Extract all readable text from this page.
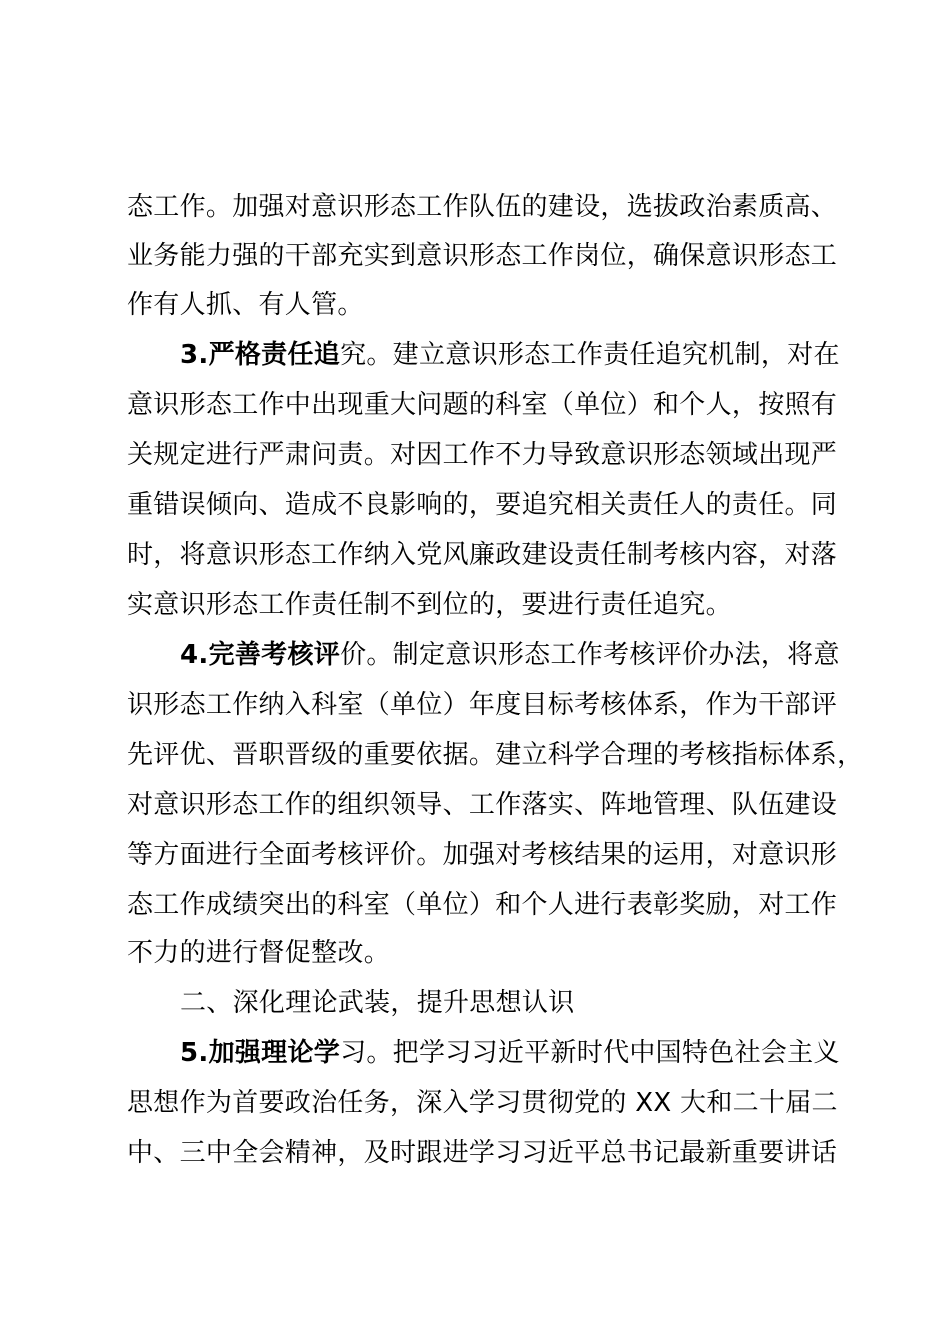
态工作。加强对意识形态工作队伍的建设，选拔政治素质高、
业务能力强的干部充实到意识形态工作岗位，确保意识形态工
作有人抓、有人管。
3.严格责任追究。建立意识形态工作责任追究机制，对在
意识形态工作中出现重大问题的科室（单位）和个人，按照有
关规定进行严肃问责。对因工作不力导致意识形态领域出现严
重错误倾向、造成不良影响的，要追究相关责任人的责任。同
时，将意识形态工作纳入党风廉政建设责任制考核内容，对落
实意识形态工作责任制不到位的，要进行责任追究。
4.完善考核评价。制定意识形态工作考核评价办法，将意
识形态工作纳入科室（单位）年度目标考核体系，作为干部评
先评优、晋职晋级的重要依据。建立科学合理的考核指标体系，
对意识形态工作的组织领导、工作落实、阵地管理、队伍建设
等方面进行全面考核评价。加强对考核结果的运用，对意识形
态工作成绩突出的科室（单位）和个人进行表彰奖励，对工作
不力的进行督促整改。
二、深化理论武装，提升思想认识
5.加强理论学习。把学习习近平新时代中国特色社会主义
思想作为首要政治任务，深入学习贯彻党的 XX 大和二十届二
中、三中全会精神，及时跟进学习习近平总书记最新重要讲话
